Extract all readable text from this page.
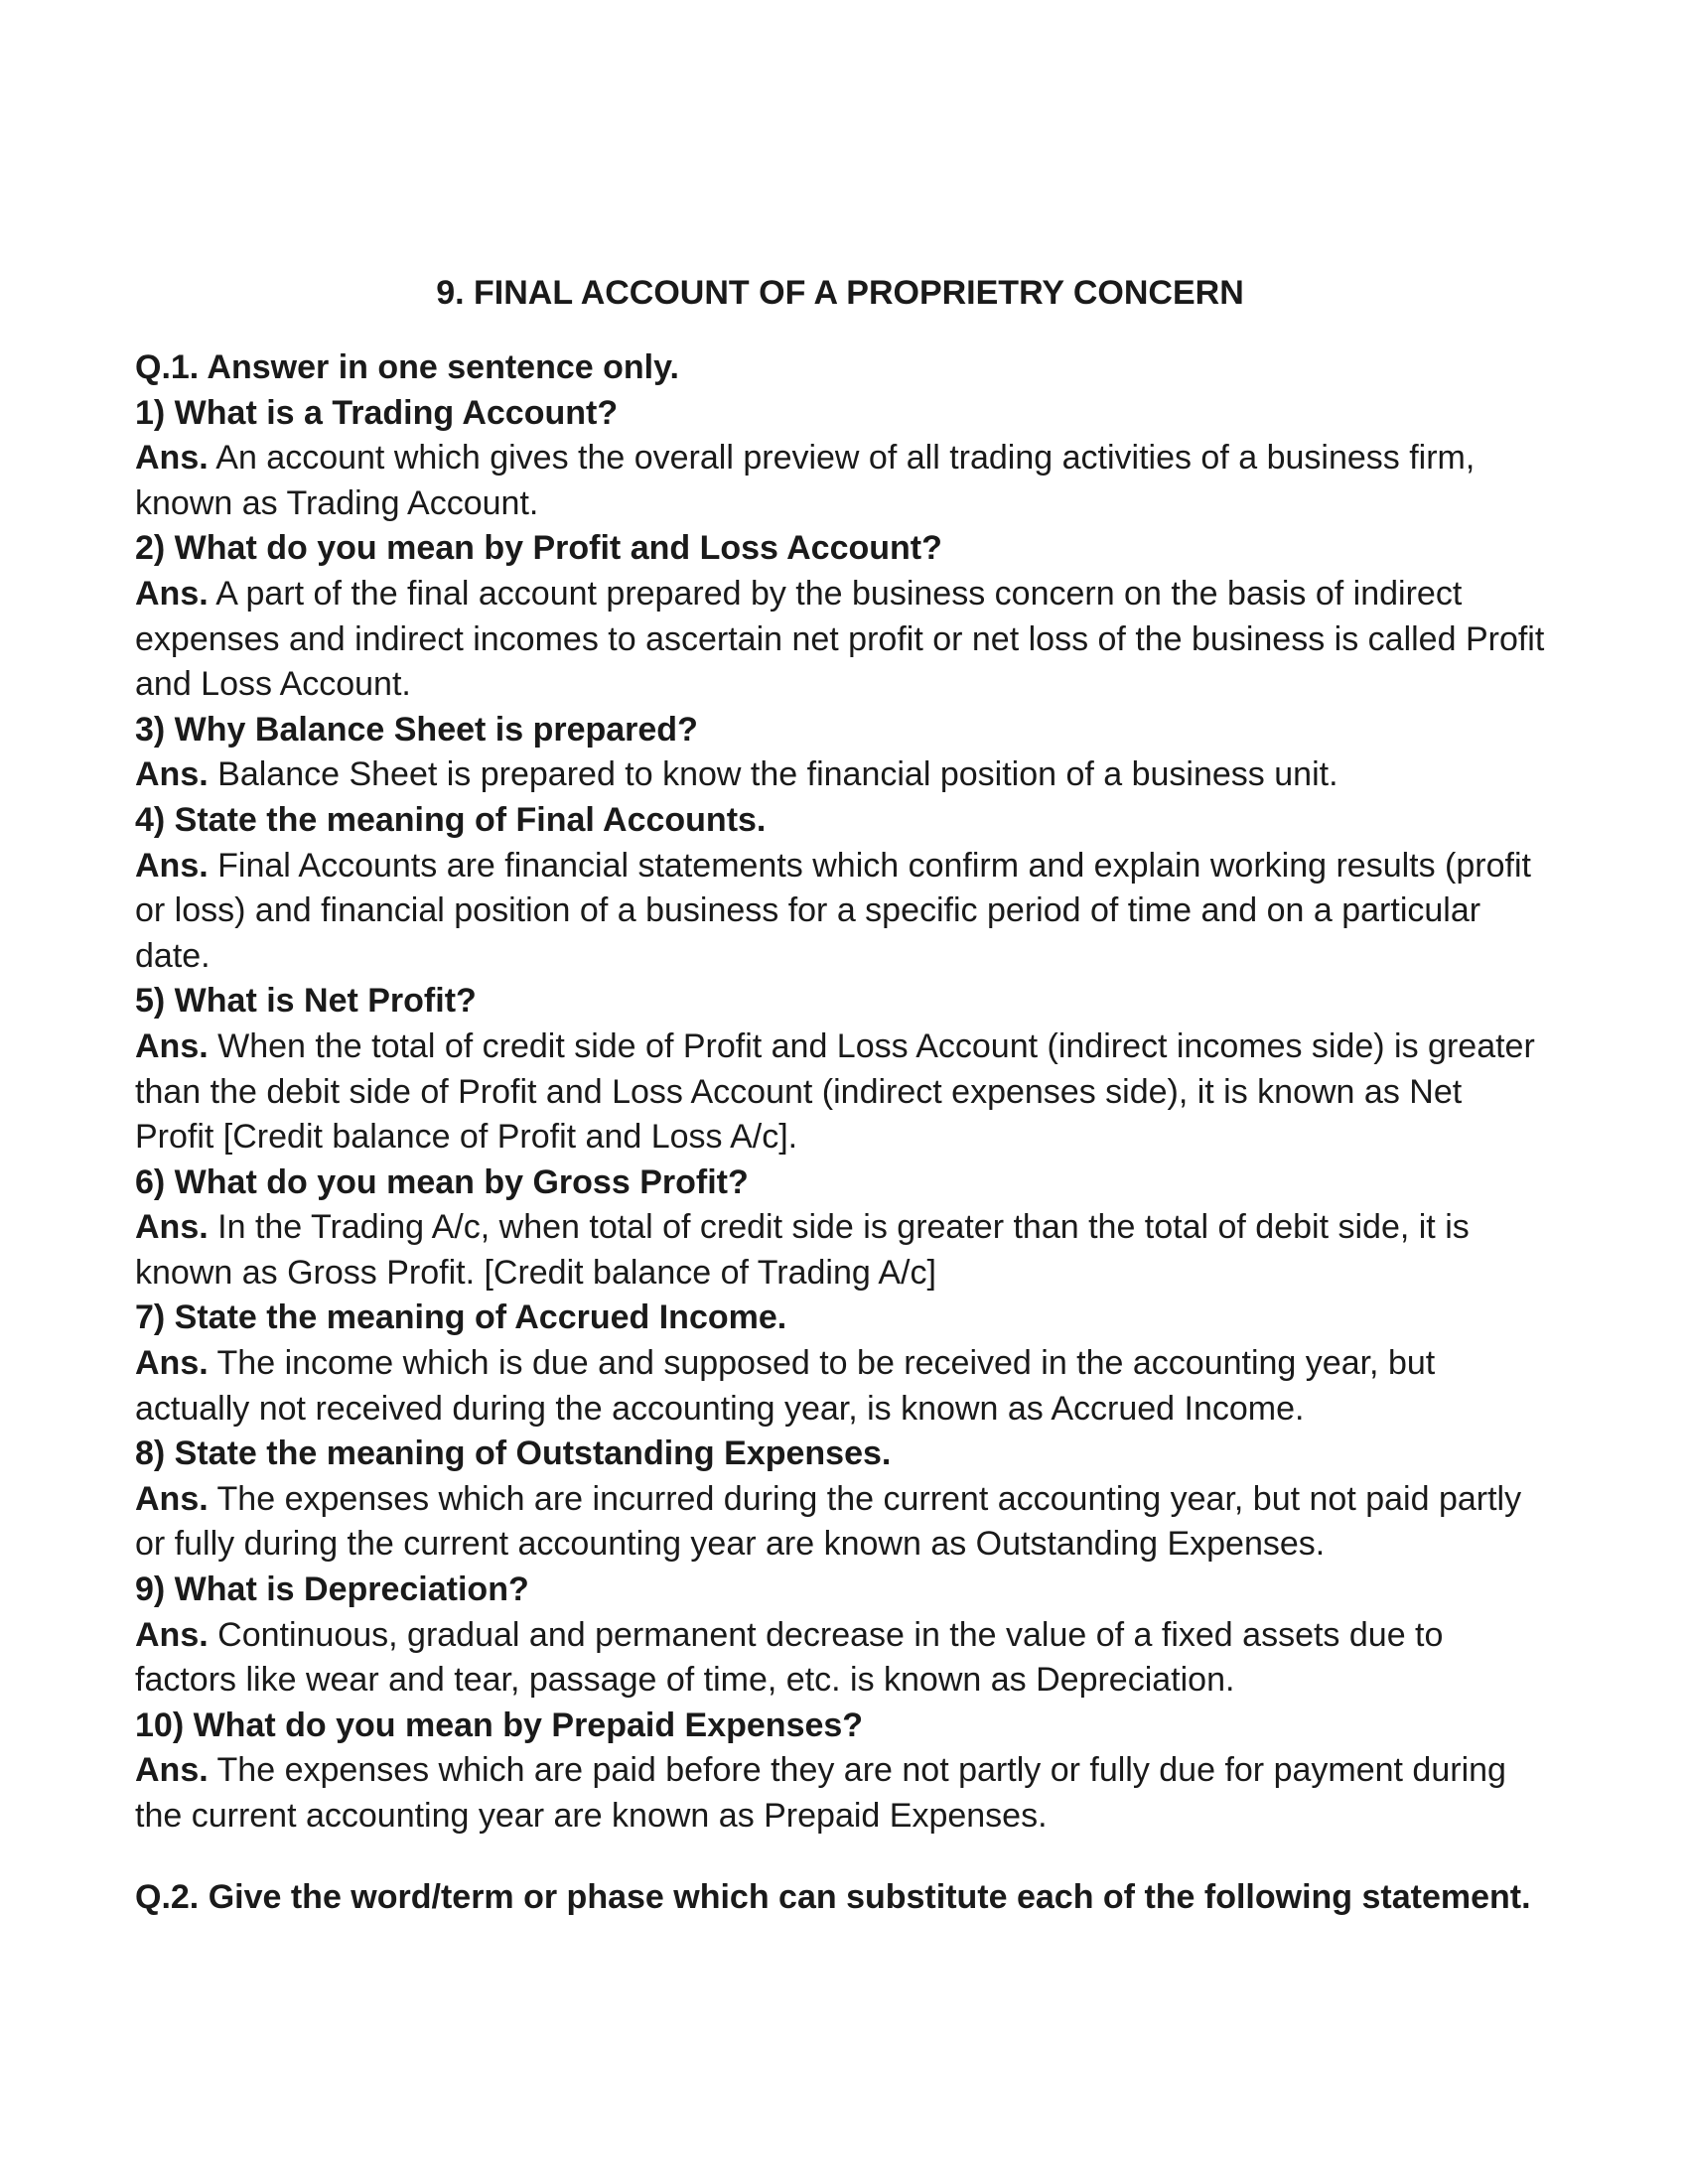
9. FINAL ACCOUNT OF A PROPRIETRY CONCERN
Q.1. Answer in one sentence only.
1) What is a Trading Account?
Ans. An account which gives the overall preview of all trading activities of a business firm, known as Trading Account.
2) What do you mean by Profit and Loss Account?
Ans. A part of the final account prepared by the business concern on the basis of indirect expenses and indirect incomes to ascertain net profit or net loss of the business is called Profit and Loss Account.
3) Why Balance Sheet is prepared?
Ans. Balance Sheet is prepared to know the financial position of a business unit.
4) State the meaning of Final Accounts.
Ans. Final Accounts are financial statements which confirm and explain working results (profit or loss) and financial position of a business for a specific period of time and on a particular date.
5) What is Net Profit?
Ans. When the total of credit side of Profit and Loss Account (indirect incomes side) is greater than the debit side of Profit and Loss Account (indirect expenses side), it is known as Net Profit [Credit balance of Profit and Loss A/c].
6) What do you mean by Gross Profit?
Ans. In the Trading A/c, when total of credit side is greater than the total of debit side, it is known as Gross Profit. [Credit balance of Trading A/c]
7) State the meaning of Accrued Income.
Ans. The income which is due and supposed to be received in the accounting year, but actually not received during the accounting year, is known as Accrued Income.
8) State the meaning of Outstanding Expenses.
Ans. The expenses which are incurred during the current accounting year, but not paid partly or fully during the current accounting year are known as Outstanding Expenses.
9) What is Depreciation?
Ans. Continuous, gradual and permanent decrease in the value of a fixed assets due to factors like wear and tear, passage of time, etc. is known as Depreciation.
10) What do you mean by Prepaid Expenses?
Ans. The expenses which are paid before they are not partly or fully due for payment during the current accounting year are known as Prepaid Expenses.
Q.2. Give the word/term or phase which can substitute each of the following statement.
